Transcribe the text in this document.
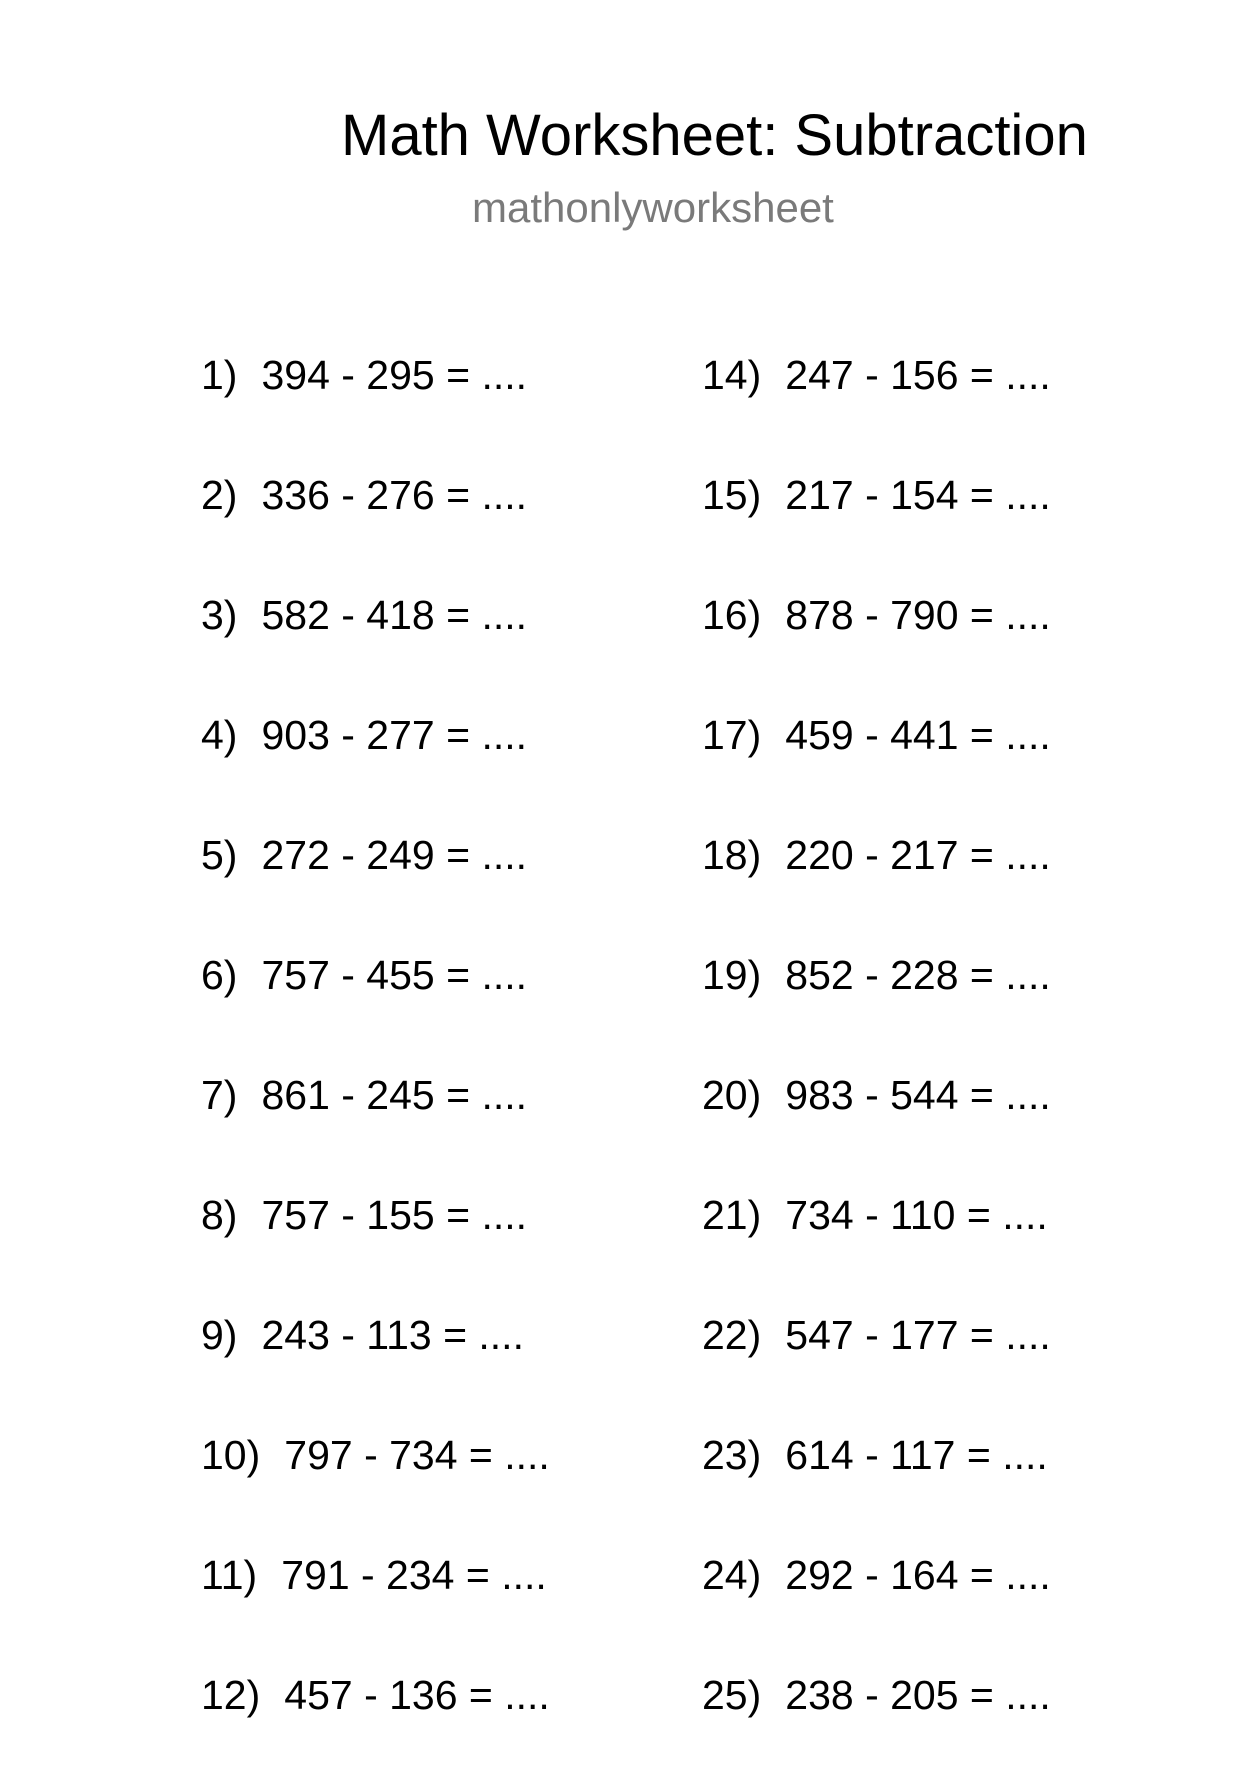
Math Worksheet: Subtraction
mathonlyworksheet
1) 394 - 295 = ....	14) 247 - 156 = ....
2) 336 - 276 = ....	15) 217 - 154 = ....
3) 582 - 418 = ....	16) 878 - 790 = ....
4) 903 - 277 = ....	17) 459 - 441 = ....
5) 272 - 249 = ....	18) 220 - 217 = ....
6) 757 - 455 = ....	19) 852 - 228 = ....
7) 861 - 245 = ....	20) 983 - 544 = ....
8) 757 - 155 = ....	21) 734 - 110 = ....
9) 243 - 113 = ....	22) 547 - 177 = ....
10) 797 - 734 = ....	23) 614 - 117 = ....
11) 791 - 234 = ....	24) 292 - 164 = ....
12) 457 - 136 = ....	25) 238 - 205 = ....
